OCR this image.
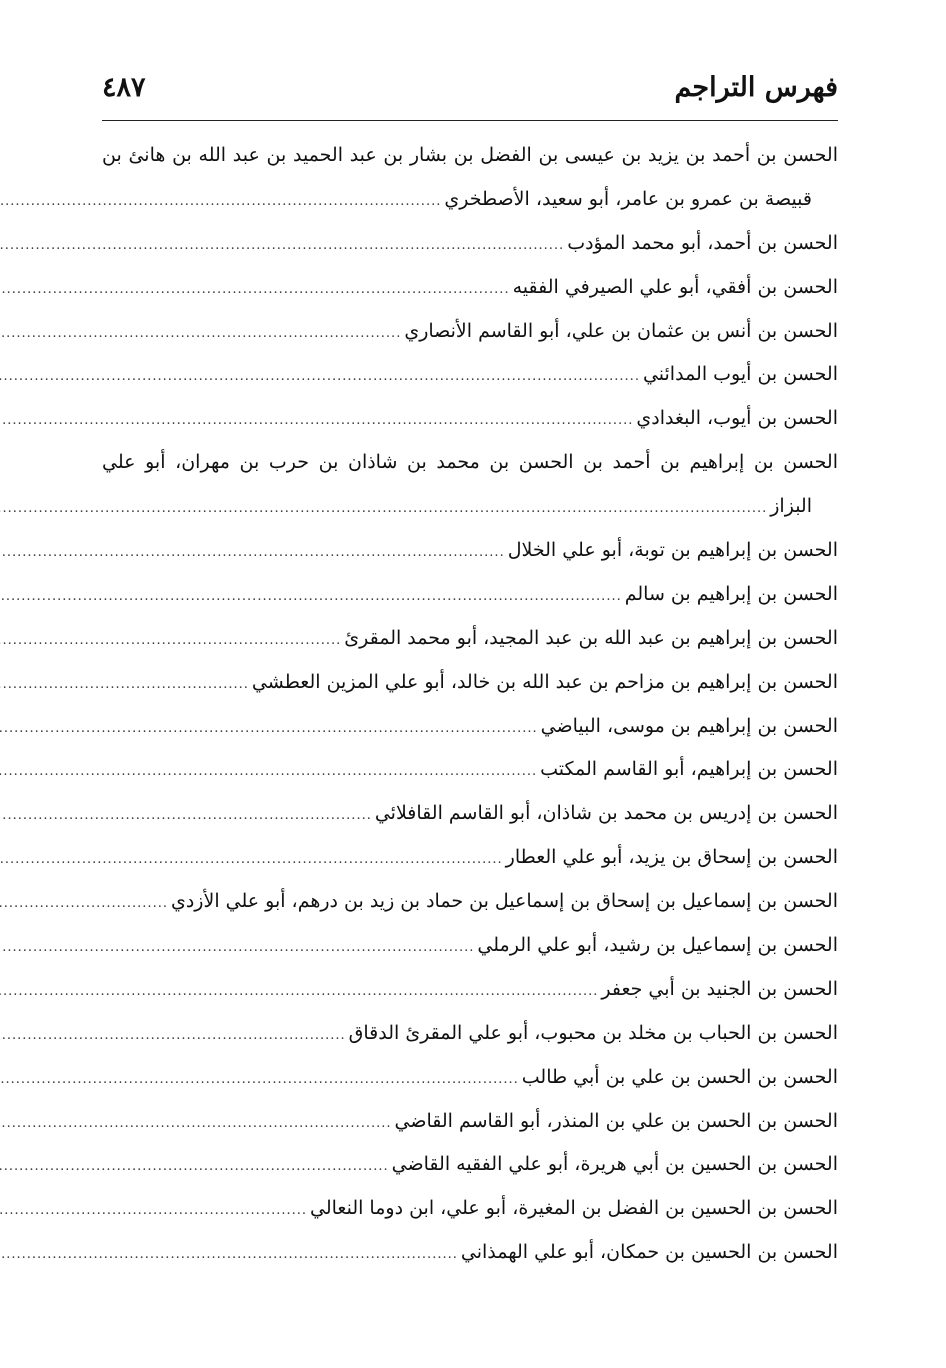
فهرس التراجم
٤٨٧
الحسن بن أحمد بن يزيد بن عيسى بن الفضل بن بشار بن عبد الحميد بن عبد الله بن هانئ بن
قبيصة بن عمرو بن عامر، أبو سعيد، الأصطخري
.....
الحسن بن أحمد، أبو محمد المؤدب
.....
الحسن بن أفقي، أبو علي الصيرفي الفقيه
.....
الحسن بن أنس بن عثمان بن علي، أبو القاسم الأنصاري
.....
الحسن بن أيوب المدائني
.....
الحسن بن أيوب، البغدادي
.....
الحسن بن إبراهيم بن أحمد بن الحسن بن محمد بن شاذان بن حرب بن مهران، أبو علي
البزاز
.....
الحسن بن إبراهيم بن توبة، أبو علي الخلال
.....
الحسن بن إبراهيم بن سالم
.....
الحسن بن إبراهيم بن عبد الله بن عبد المجيد، أبو محمد المقرئ
.....
الحسن بن إبراهيم بن مزاحم بن عبد الله بن خالد، أبو علي المزين العطشي
.....
الحسن بن إبراهيم بن موسى، البياضي
.....
الحسن بن إبراهيم، أبو القاسم المكتب
.....
الحسن بن إدريس بن محمد بن شاذان، أبو القاسم القافلائي
.....
الحسن بن إسحاق بن يزيد، أبو علي العطار
.....
الحسن بن إسماعيل بن إسحاق بن إسماعيل بن حماد بن زيد بن درهم، أبو علي الأزدي
.....
الحسن بن إسماعيل بن رشيد، أبو علي الرملي
.....
الحسن بن الجنيد بن أبي جعفر
.....
الحسن بن الحباب بن مخلد بن محبوب، أبو علي المقرئ الدقاق
.....
الحسن بن الحسن بن علي بن أبي طالب
.....
الحسن بن الحسن بن علي بن المنذر، أبو القاسم القاضي
.....
الحسن بن الحسين بن أبي هريرة، أبو علي الفقيه القاضي
.....
الحسن بن الحسين بن الفضل بن المغيرة، أبو علي، ابن دوما النعالي
.....
الحسن بن الحسين بن حمكان، أبو علي الهمذاني
.....
